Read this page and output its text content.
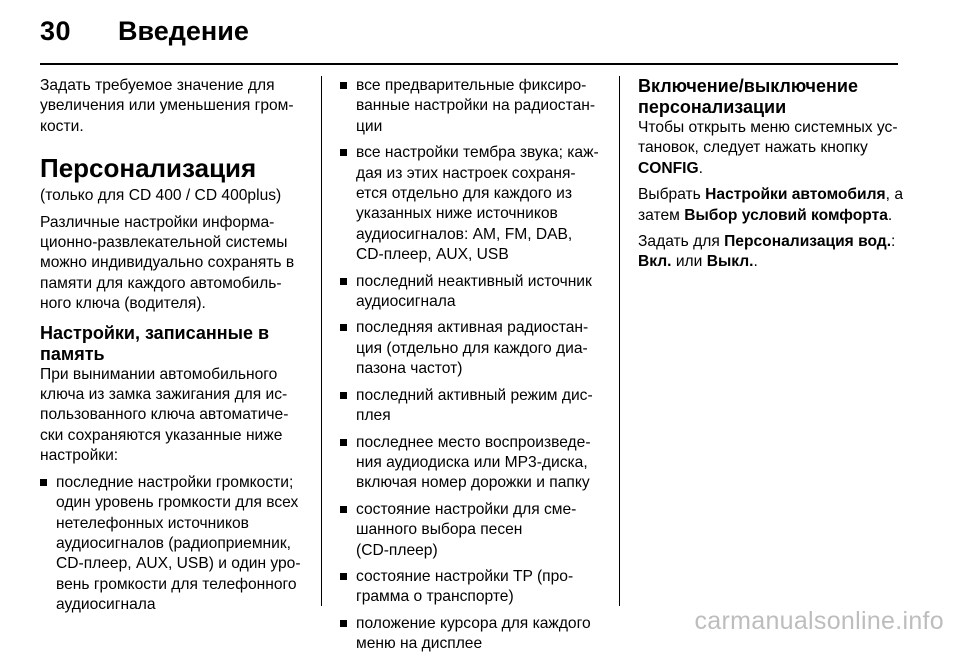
30 Введение

Задать требуемое значение для
увеличения или уменьшения гром-
кости.

Персонализация

(только для CD 400 / CD 400plus)

Различные настройки информа-
ционно-развлекательной системы
можно индивидуально сохранять в
памяти для каждого автомобиль-
ного ключа (водителя).

Настройки, записанные в
память

При вынимании автомобильного
ключа из замка зажигания для ис-
пользованного ключа автоматиче-
ски сохраняются указанные ниже
настройки:

последние настройки громкости;
один уровень громкости для всех
нетелефонных источников
аудиосигналов (радиоприемник,
CD-плеер, AUX, USB) и один уро-
вень громкости для телефонного
аудиосигнала
все предварительные фиксиро-
ванные настройки на радиостан-
ции
все настройки тембра звука; каж-
дая из этих настроек сохраня-
ется отдельно для каждого из
указанных ниже источников
аудиосигналов: AM, FM, DAB,
CD-плеер, AUX, USB
последний неактивный источник
аудиосигнала
последняя активная радиостан-
ция (отдельно для каждого диа-
пазона частот)
последний активный режим дис-
плея
последнее место воспроизведе-
ния аудиодиска или MP3-диска,
включая номер дорожки и папку
состояние настройки для сме-
шанного выбора песен
(CD-плеер)
состояние настройки TP (про-
грамма о транспорте)
положение курсора для каждого
меню на дисплее
Включение/выключение
персонализации

Чтобы открыть меню системных ус-
тановок, следует нажать кнопку
CONFIG.

Выбрать Настройки автомобиля, а
затем Выбор условий комфорта.

Задать для Персонализация вод.:
Вкл. или Выкл..

carmanualsonline.info
